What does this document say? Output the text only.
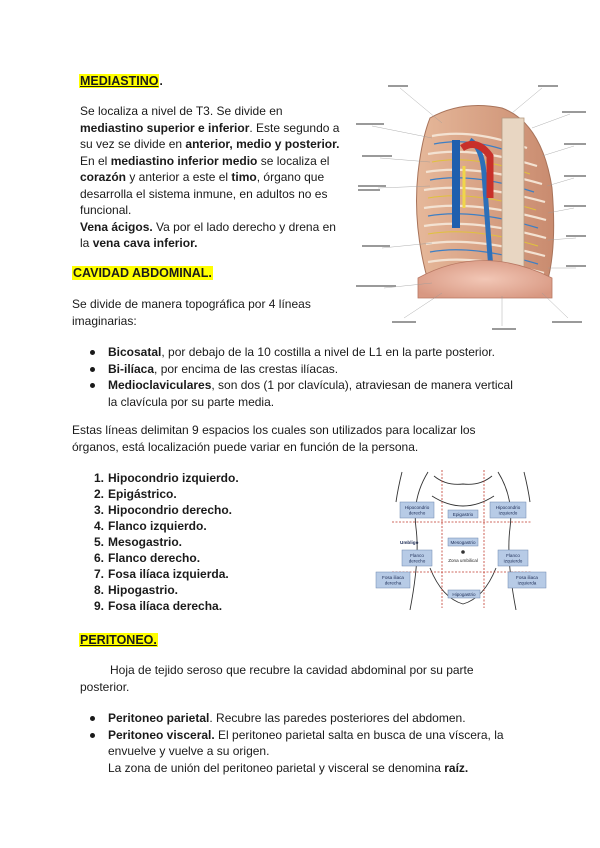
MEDIASTINO.
Se localiza a nivel de T3. Se divide en
mediastino superior e inferior. Este segundo a
su vez se divide en anterior, medio y posterior.
En el mediastino inferior medio se localiza el
corazón y anterior a este el timo, órgano que
desarrolla el sistema inmune, en adultos no es
funcional.
Vena ácigos. Va por el lado derecho y drena en
la vena cava inferior.
CAVIDAD ABDOMINAL.
Se divide de manera topográfica por 4 líneas
imaginarias:
Bicosatal, por debajo de la 10 costilla a nivel de L1 en la parte posterior.
Bi-ilíaca, por encima de las crestas ilíacas.
Medioclaviculares, son dos (1 por clavícula), atraviesan de manera vertical
la clavícula por su parte media.
Estas líneas delimitan 9 espacios los cuales son utilizados para localizar los
órganos, está localización puede variar en función de la persona.
1. Hipocondrio izquierdo.
2. Epigástrico.
3. Hipocondrio derecho.
4. Flanco izquierdo.
5. Mesogastrio.
6. Flanco derecho.
7. Fosa ilíaca izquierda.
8. Hipogastrio.
9. Fosa ilíaca derecha.
Hipocondrio derecho	Epigastrio
Hipocondrio izquierdo
Umbligo	Mesogastrio
Flanco derecho	Zona umbilical
Flanco izquierdo
Fosa iliaca derecha
Fosa iliaca izquierda
Hipogastrio
PERITONEO.
Hoja de tejido seroso que recubre la cavidad abdominal por su parte
posterior.
Peritoneo parietal. Recubre las paredes posteriores del abdomen.
Peritoneo visceral. El peritoneo parietal salta en busca de una víscera, la
envuelve y vuelve a su origen.
La zona de unión del peritoneo parietal y visceral se denomina raíz.
